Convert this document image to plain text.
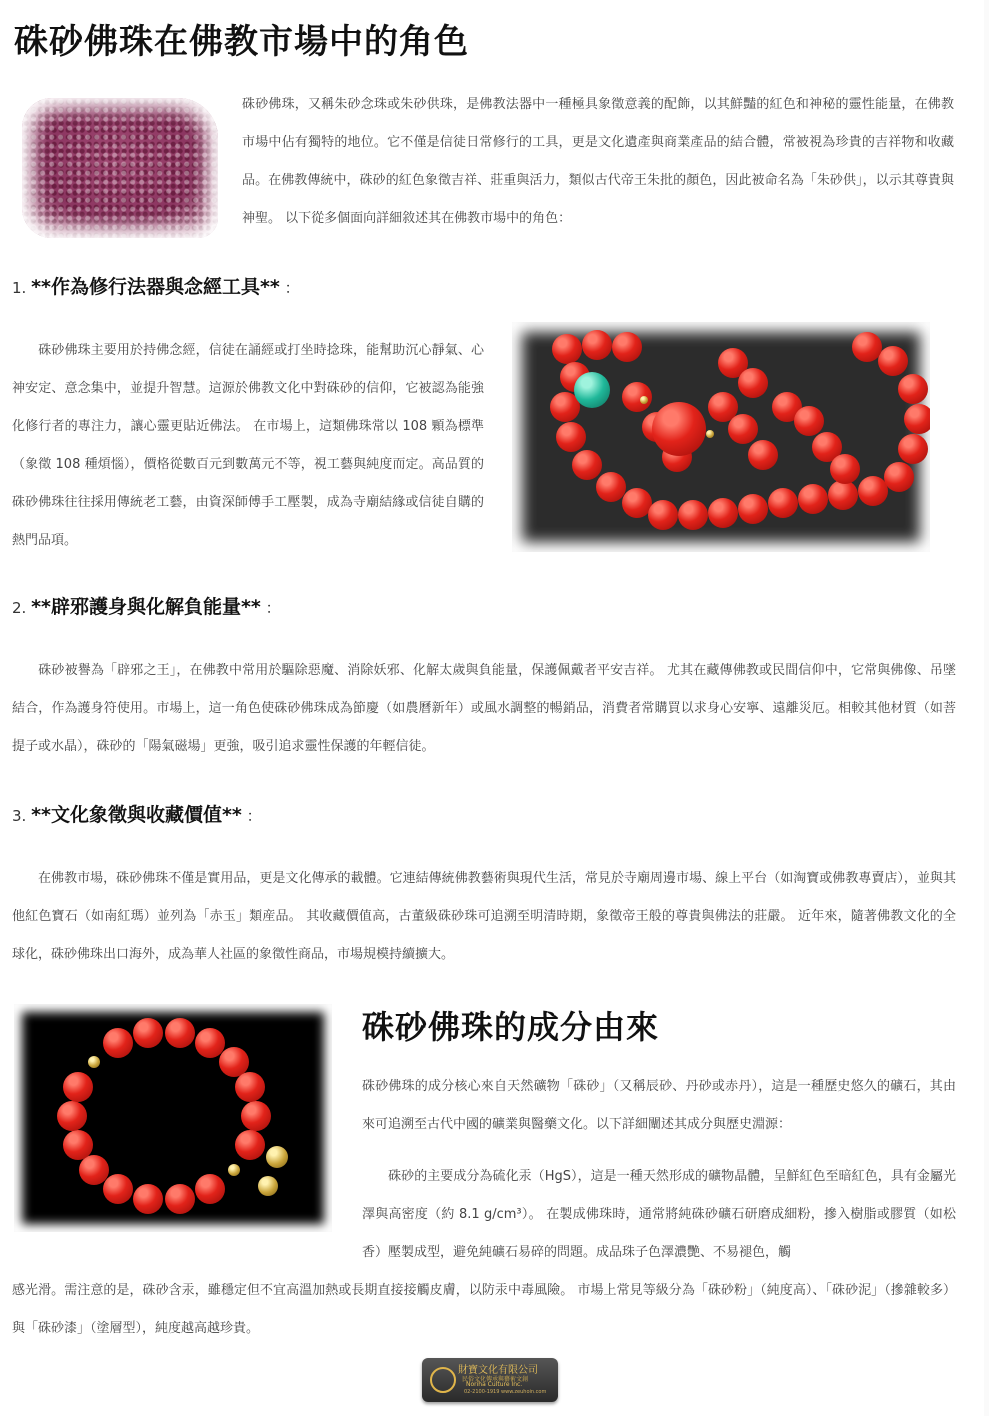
硃砂佛珠在佛教市場中的角色
硃砂佛珠，又稱朱砂念珠或朱砂供珠，是佛教法器中一種極具象徵意義的配飾，以其鮮豔的紅色和神秘的靈性能量，在佛教市場中佔有獨特的地位。它不僅是信徒日常修行的工具，更是文化遺產與商業產品的結合體，常被視為珍貴的吉祥物和收藏品。在佛教傳統中，硃砂的紅色象徵吉祥、莊重與活力，類似古代帝王朱批的顏色，因此被命名為「朱砂供」，以示其尊貴與神聖。 以下從多個面向詳細敘述其在佛教市場中的角色：
1. **作為修行法器與念經工具** ：
　　硃砂佛珠主要用於持佛念經，信徒在誦經或打坐時捻珠，能幫助沉心靜氣、心神安定、意念集中，並提升智慧。這源於佛教文化中對硃砂的信仰，它被認為能強化修行者的專注力，讓心靈更貼近佛法。 在市場上，這類佛珠常以 108 顆為標準（象徵 108 種煩惱），價格從數百元到數萬元不等，視工藝與純度而定。高品質的硃砂佛珠往往採用傳統老工藝，由資深師傅手工壓製，成為寺廟結緣或信徒自購的熱門品項。
2. **辟邪護身與化解負能量** ：
　　硃砂被譽為「辟邪之王」，在佛教中常用於驅除惡魔、消除妖邪、化解太歲與負能量，保護佩戴者平安吉祥。 尤其在藏傳佛教或民間信仰中，它常與佛像、吊墜結合，作為護身符使用。市場上，這一角色使硃砂佛珠成為節慶（如農曆新年）或風水調整的暢銷品，消費者常購買以求身心安寧、遠離災厄。相較其他材質（如菩提子或水晶），硃砂的「陽氣磁場」更強，吸引追求靈性保護的年輕信徒。
3. **文化象徵與收藏價值** ：
　　在佛教市場，硃砂佛珠不僅是實用品，更是文化傳承的載體。它連結傳統佛教藝術與現代生活，常見於寺廟周邊市場、線上平台（如淘寶或佛教專賣店），並與其他紅色寶石（如南紅瑪）並列為「赤玉」類産品。 其收藏價值高，古董級硃砂珠可追溯至明清時期，象徵帝王般的尊貴與佛法的莊嚴。 近年來，隨著佛教文化的全球化，硃砂佛珠出口海外，成為華人社區的象徵性商品，市場規模持續擴大。
硃砂佛珠的成分由來
硃砂佛珠的成分核心來自天然礦物「硃砂」（又稱辰砂、丹砂或赤丹），這是一種歷史悠久的礦石，其由來可追溯至古代中國的礦業與醫藥文化。以下詳細闡述其成分與歷史淵源：
　　硃砂的主要成分為硫化汞（HgS），這是一種天然形成的礦物晶體，呈鮮紅色至暗紅色，具有金屬光澤與高密度（約 8.1 g/cm³）。 在製成佛珠時，通常將純硃砂礦石研磨成細粉，摻入樹脂或膠質（如松香）壓製成型，避免純礦石易碎的問題。成品珠子色澤濃艷、不易褪色，觸
感光滑。需注意的是，硃砂含汞，雖穩定但不宜高溫加熱或長期直接接觸皮膚，以防汞中毒風險。 市場上常見等級分為「硃砂粉」（純度高）、「硃砂泥」（摻雜較多）與「硃砂漆」（塗層型），純度越高越珍貴。
財寶文化有限公司
民俗文化傳承與藝術文創
Noriha Culture Inc.
02-2100-1919 www.zeuhoin.com
